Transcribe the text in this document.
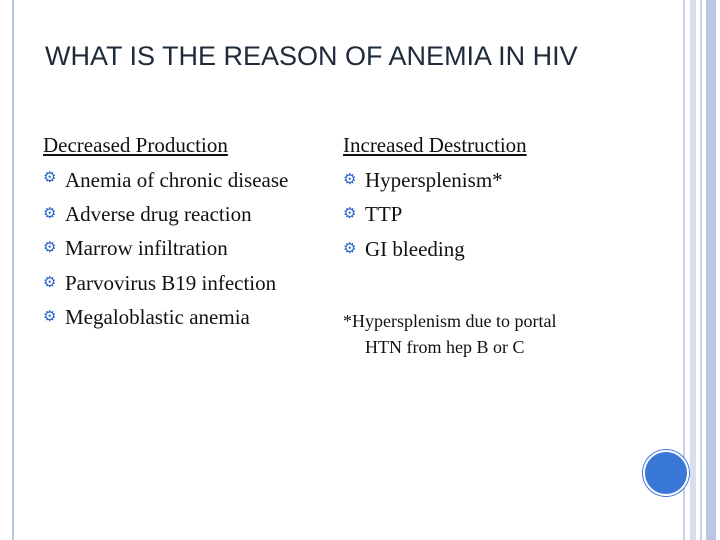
WHAT IS THE REASON OF ANEMIA IN HIV
Decreased Production
⚙ Anemia of chronic disease
⚙ Adverse drug reaction
⚙ Marrow infiltration
⚙ Parvovirus B19 infection
⚙ Megaloblastic anemia
Increased Destruction
⚙ Hypersplenism*
⚙ TTP
⚙ GI bleeding
*Hypersplenism due to portal
HTN from hep B or C
